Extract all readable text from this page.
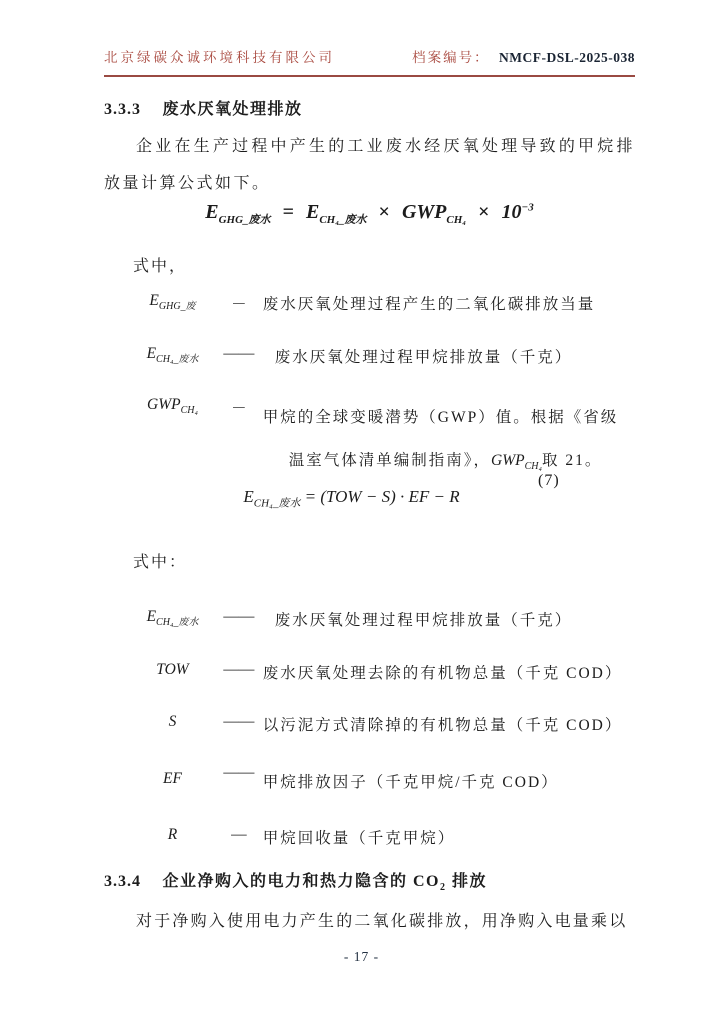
北京绿碳众诚环境科技有限公司	档案编号： NMCF-DSL-2025-038
3.3.3 废水厌氧处理排放
企业在生产过程中产生的工业废水经厌氧处理导致的甲烷排放量计算公式如下。
$E_{GHG\_废水} = E_{CH_4\_废水} \times GWP_{CH_4} \times 10^{-3}$
式中，
$E_{GHG\_废}$ － 废水厌氧处理过程产生的二氧化碳排放当量
$E_{CH_4\_废水}$ —— 废水厌氧处理过程甲烷排放量（千克）
$GWP_{CH_4}$ －
甲烷的全球变暖潜势（GWP）值。根据《省级
温室气体清单编制指南》，$GWP_{CH_4}$取 21。
$E_{CH_4\_废水} = (TOW - S)$ · EF − R
(7)
式中：
$E_{CH_4\_废水}$ —— 废水厌氧处理过程甲烷排放量（千克）
TOW —— 废水厌氧处理去除的有机物总量（千克 COD）
S	—— 以污泥方式清除掉的有机物总量（千克 COD）
EF	—— 甲烷排放因子（千克甲烷/千克 COD）
R	— 甲烷回收量（千克甲烷）
3.3.4 企业净购入的电力和热力隐含的 $CO_2$ 排放
对于净购入使用电力产生的二氧化碳排放，用净购入电量乘以
- 17 -
